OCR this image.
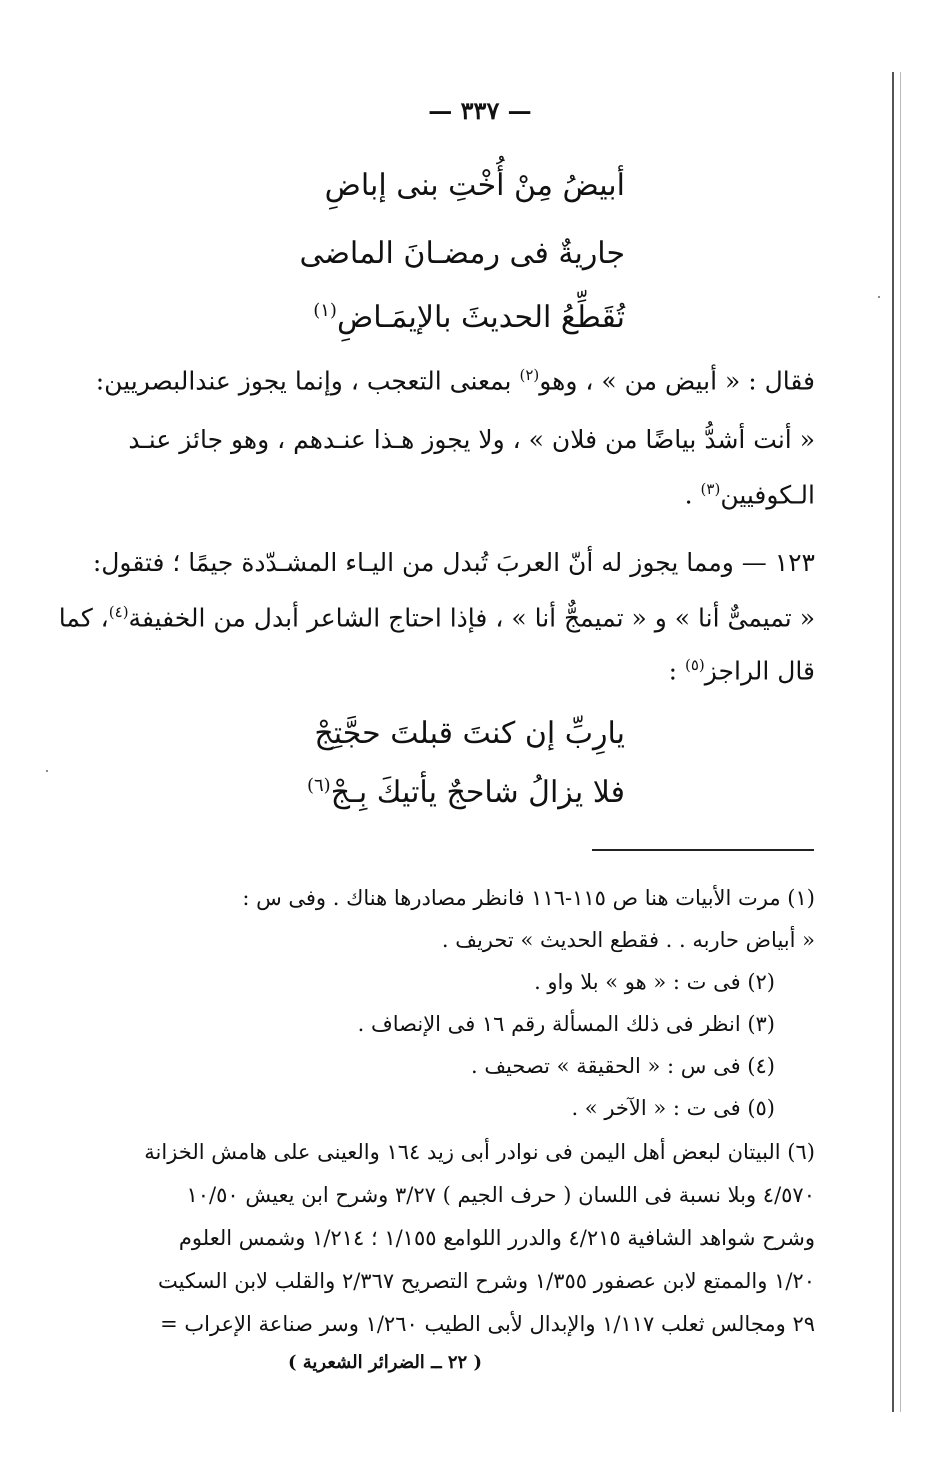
— ٣٣٧ —
أبيضُ مِنْ أُخْتِ بنى إباضِ
جاريةٌ فى رمضـانَ الماضى
تُقَطِّعُ الحديثَ بالإيمَـاضِ$^{(١)}$
فقال : « أبيض من » ، وهو$^{(٢)}$ بمعنى التعجب ، وإنما يجوز عندالبصريين:
« أنت أشدُّ بياضًا من فلان » ، ولا يجوز هـذا عنـدهم ، وهو جائز عنـد
الـكوفيين$^{(٣)}$ .
١٢٣ — ومما يجوز له أنّ العربَ تُبدل من اليـاء المشـدّدة جيمًا ؛ فتقول:
« تميمىٌّ أنا » و « تميمجٌّ أنا » ، فإذا احتاج الشاعر أبدل من الخفيفة$^{(٤)}$، كما
قال الراجز$^{(٥)}$ :
يارِبِّ إن كنتَ قبلتَ حجَّتِجْ
فلا يزالُ شاحجٌ يأتيكَ بِـجْ$^{(٦)}$
(١) مرت الأبيات هنا ص ١١٥-١١٦ فانظر مصادرها هناك . وفى س :
« أبياض حاربه . . فقطع الحديث » تحريف .
(٢) فى ت : « هو » بلا واو .
(٣) انظر فى ذلك المسألة رقم ١٦ فى الإنصاف .
(٤) فى س : « الحقيقة » تصحيف .
(٥) فى ت : « الآخر » .
(٦) البيتان لبعض أهل اليمن فى نوادر أبى زيد ١٦٤ والعينى على هامش الخزانة
٤/٥٧٠ وبلا نسبة فى اللسان ( حرف الجيم ) ٣/٢٧ وشرح ابن يعيش ١٠/٥٠
وشرح شواهد الشافية ٤/٢١٥ والدرر اللوامع ١/١٥٥ ؛ ١/٢١٤ وشمس العلوم
١/٢٠ والممتع لابن عصفور ١/٣٥٥ وشرح التصريح ٢/٣٦٧ والقلب لابن السكيت
٢٩ ومجالس ثعلب ١/١١٧ والإبدال لأبى الطيب ١/٢٦٠ وسر صناعة الإعراب =
( ٢٢ ــ الضرائر الشعرية )
